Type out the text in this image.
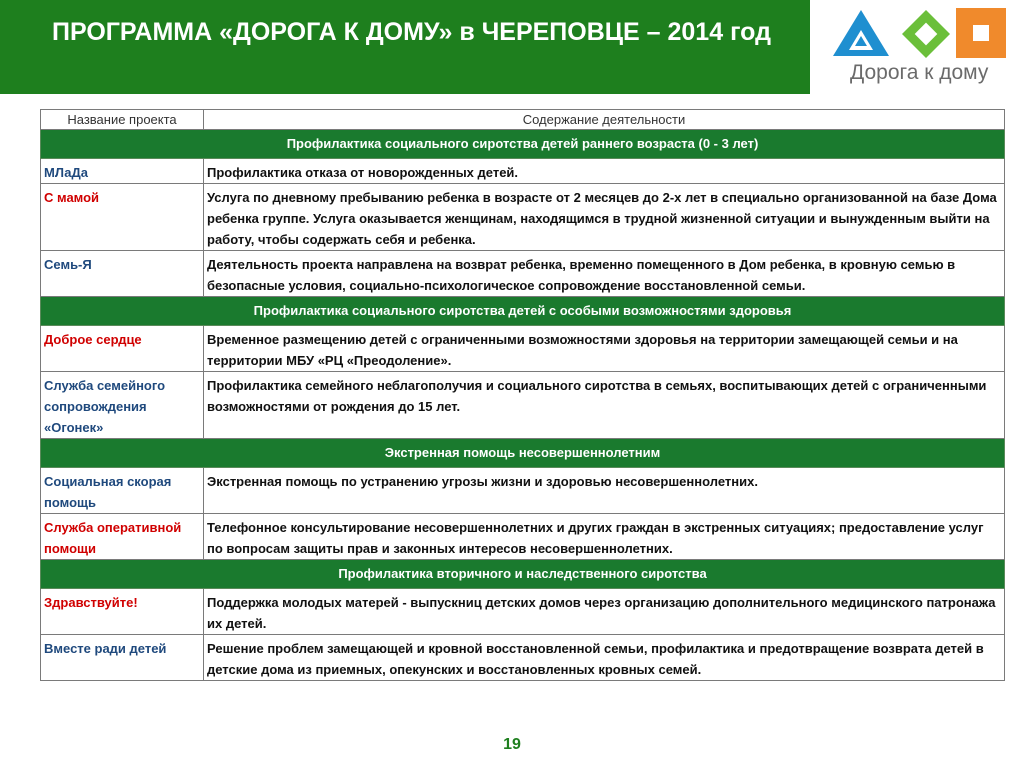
ПРОГРАММА «ДОРОГА К ДОМУ» в ЧЕРЕПОВЦЕ – 2014 год
Дорога к дому
Название проекта	Содержание деятельности
Профилактика социального сиротства детей раннего возраста (0 - 3 лет)	
МЛаДа	Профилактика отказа от новорожденных детей.
С мамой	Услуга по дневному пребыванию ребенка в возрасте от 2 месяцев до 2-х лет в специально организованной на базе Дома ребенка группе. Услуга оказывается женщинам, находящимся в трудной жизненной ситуации и вынужденным выйти на работу, чтобы содержать себя и ребенка.
Семь-Я	Деятельность проекта направлена на возврат ребенка, временно помещенного в Дом ребенка, в кровную семью в безопасные условия, социально-психологическое сопровождение восстановленной семьи.
Профилактика социального сиротства детей с особыми возможностями здоровья	
Доброе сердце	Временное размещению детей с ограниченными возможностями здоровья на территории замещающей семьи и на территории МБУ «РЦ «Преодоление».
Служба семейного сопровождения «Огонек»	Профилактика семейного неблагополучия и социального сиротства в семьях, воспитывающих детей с ограниченными возможностями от рождения до 15 лет.
Экстренная помощь несовершеннолетним	
Социальная скорая помощь	Экстренная помощь по устранению угрозы жизни и здоровью несовершеннолетних.
Служба оперативной помощи	Телефонное консультирование несовершеннолетних и других граждан в экстренных ситуациях; предоставление услуг по вопросам защиты прав и законных интересов несовершеннолетних.
Профилактика вторичного и наследственного сиротства	
Здравствуйте!	Поддержка молодых матерей - выпускниц детских домов через организацию дополнительного медицинского патронажа их детей.
Вместе ради детей	Решение проблем замещающей и кровной восстановленной семьи, профилактика и предотвращение возврата детей в детские дома из приемных, опекунских и восстановленных кровных семей.
19
